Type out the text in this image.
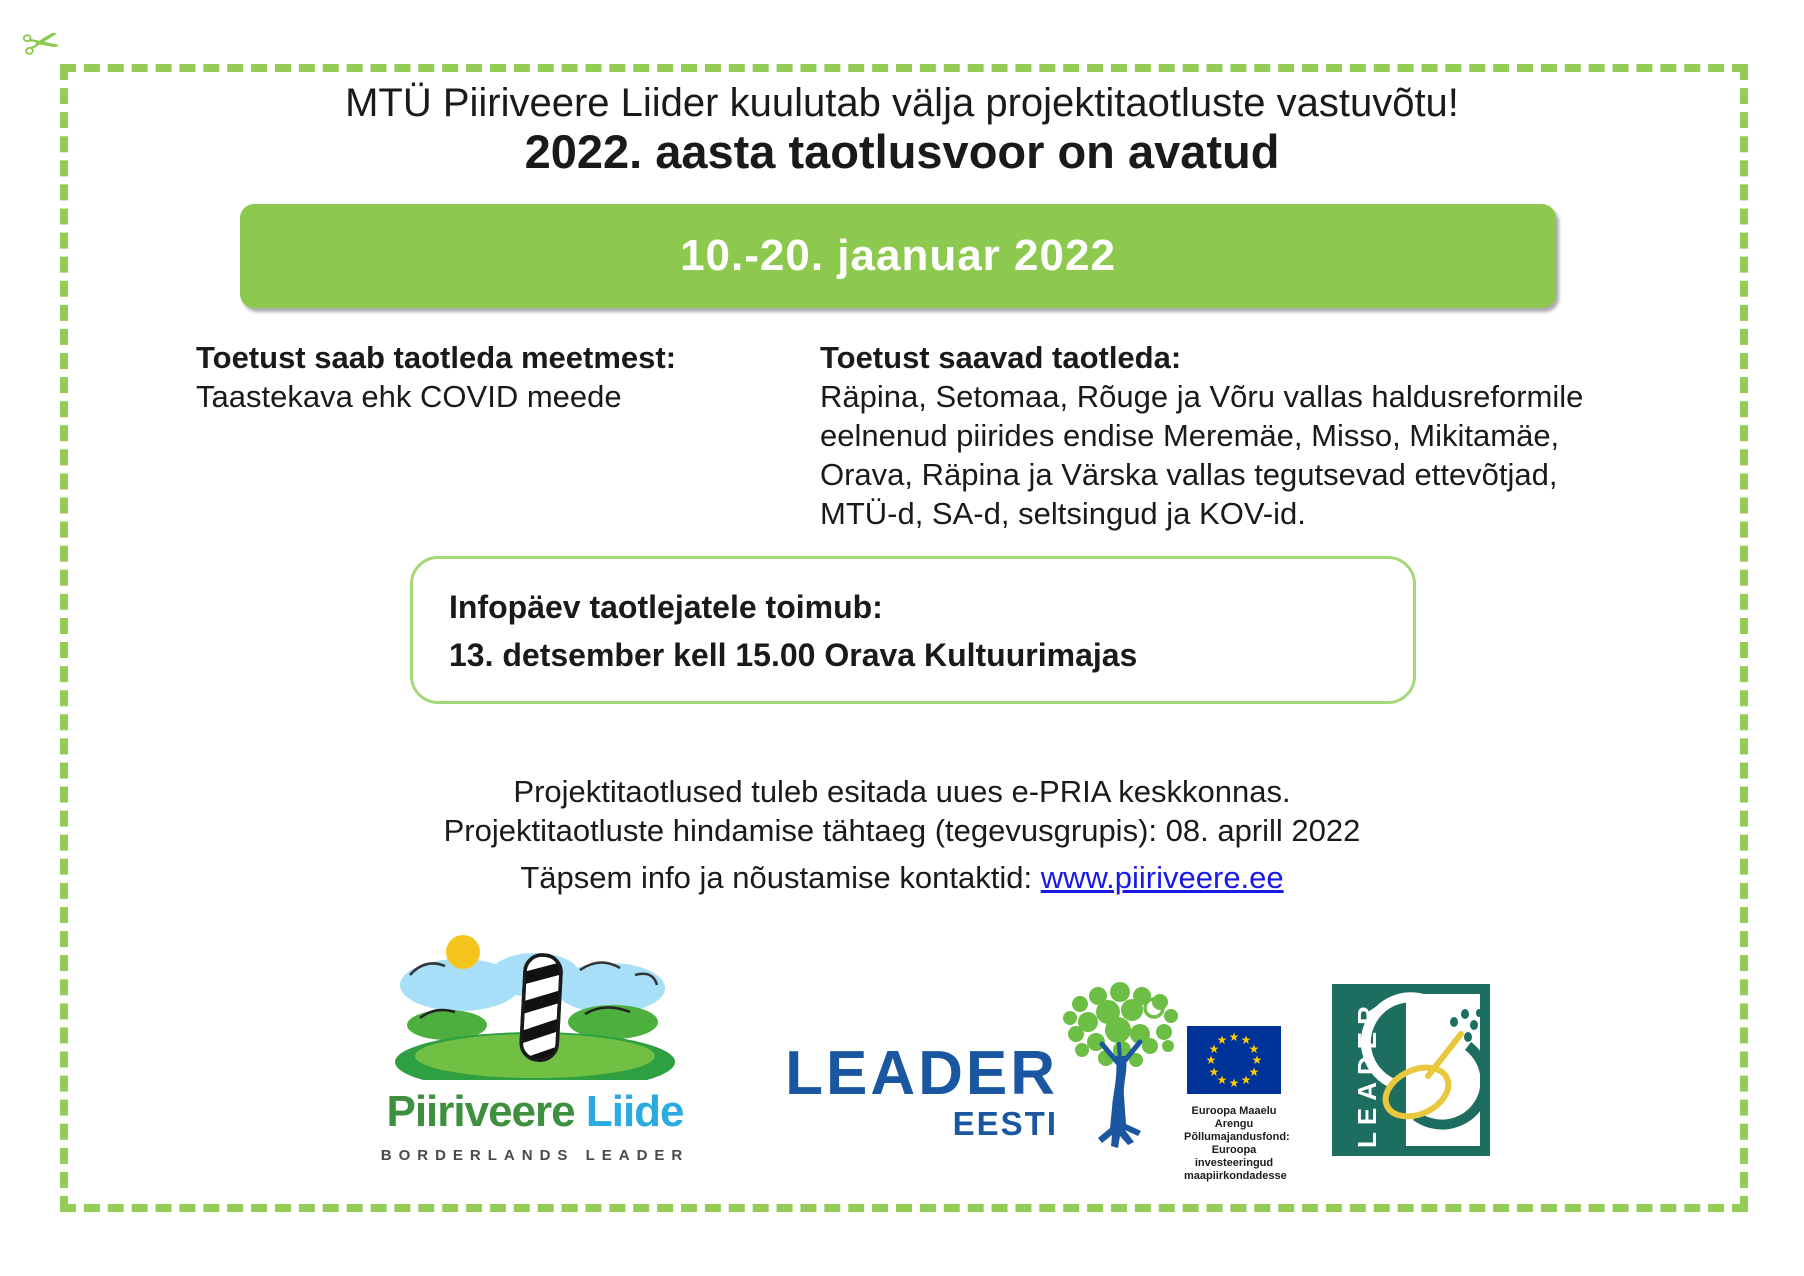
✂
MTÜ Piiriveere Liider kuulutab välja projektitaotluste vastuvõtu!
2022. aasta taotlusvoor on avatud
10.-20. jaanuar 2022
Toetust saab taotleda meetmest:
Taastekava ehk COVID meede
Toetust saavad taotleda:
Räpina, Setomaa, Rõuge ja Võru vallas haldusreformile eelnenud piirides endise Meremäe, Misso, Mikitamäe, Orava, Räpina ja Värska vallas tegutsevad ettevõtjad, MTÜ-d, SA-d, seltsingud ja KOV-id.
Infopäev taotlejatele toimub:
13. detsember kell 15.00 Orava Kultuurimajas
Projektitaotlused tuleb esitada uues e-PRIA keskkonnas.
Projektitaotluste hindamise tähtaeg (tegevusgrupis): 08. aprill 2022
Täpsem info ja nõustamise kontaktid: www.piiriveere.ee
Piiriveere Liide
BORDERLANDS LEADER
LEADER
EESTI
★ ★
★
★
★
★
★
★
★
★
★
★
Euroopa Maaelu Arengu
Põllumajandusfond:
Euroopa investeeringud
maapiirkondadesse
LEADER
